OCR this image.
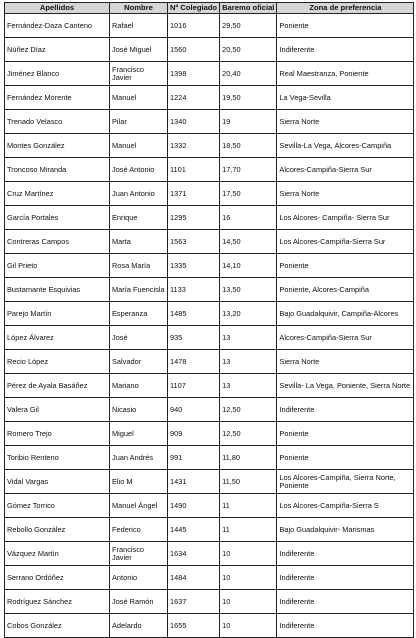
Apellidos	Nombre	Nº Colegiado	Baremo oficial	Zona de preferencia
Fernández-Daza Canteno	Rafael	1016	29,50	Poniente
Núñez Díaz	José Miguel	1560	20,50	Indiferente
Jiménez Blanco	Francisco Javier	1398	20,40	Real Maestranza, Poniente
Fernández Morente	Manuel	1224	19,50	La Vega-Sevilla
Trenado Velasco	Pilar	1340	19	Sierra Norte
Montes González	Manuel	1332	18,50	Sevilla-La Vega, Alcores-Campiña
Troncoso Miranda	José Antonio	1101	17,70	Alcores-Campiña-Sierra Sur
Cruz Martínez	Juan Antonio	1371	17,50	Sierra Norte
García Portales	Enrique	1295	16	Los Alcores- Campiña- Sierra Sur
Contreras Campos	Marta	1563	14,50	Los Alcores-Campiña-Sierra Sur
Gil Prieto	Rosa María	1335	14,10	Poniente
Bustamante Esquivias	María Fuencisla	1133	13,50	Poniente, Alcores-Campiña
Parejo Martín	Esperanza	1485	13,20	Bajo Guadalquivir, Campiña-Alcores
López Álvarez	José	935	13	Alcores-Campiña-Sierra Sur
Recio López	Salvador	1478	13	Sierra Norte
Pérez de Ayala Basáñez	Mariano	1107	13	Sevilla- La Vega, Poniente, Sierra Norte
Valera Gil	Nicasio	940	12,50	Indiferente
Romero Trejo	Miguel	909	12,50	Poniente
Toribio Renteno	Juan Andrés	991	11,80	Poniente
Vidal Vargas	Elio M	1431	11,50	Los Alcores-Campiña, Sierra Norte, Poniente
Gómez Torrico	Manuel Ángel	1490	11	Los Alcores-Campiña-Sierra S
Rebollo González	Federico	1445	11	Bajo Guadalquivir- Marismas
Vázquez Martín	Francisco Javier	1634	10	Indiferente
Serrano Ordóñez	Antonio	1484	10	Indiferente
Rodríguez Sánchez	José Ramón	1637	10	Indiferente
Cobos González	Adelardo	1655	10	Indiferente
